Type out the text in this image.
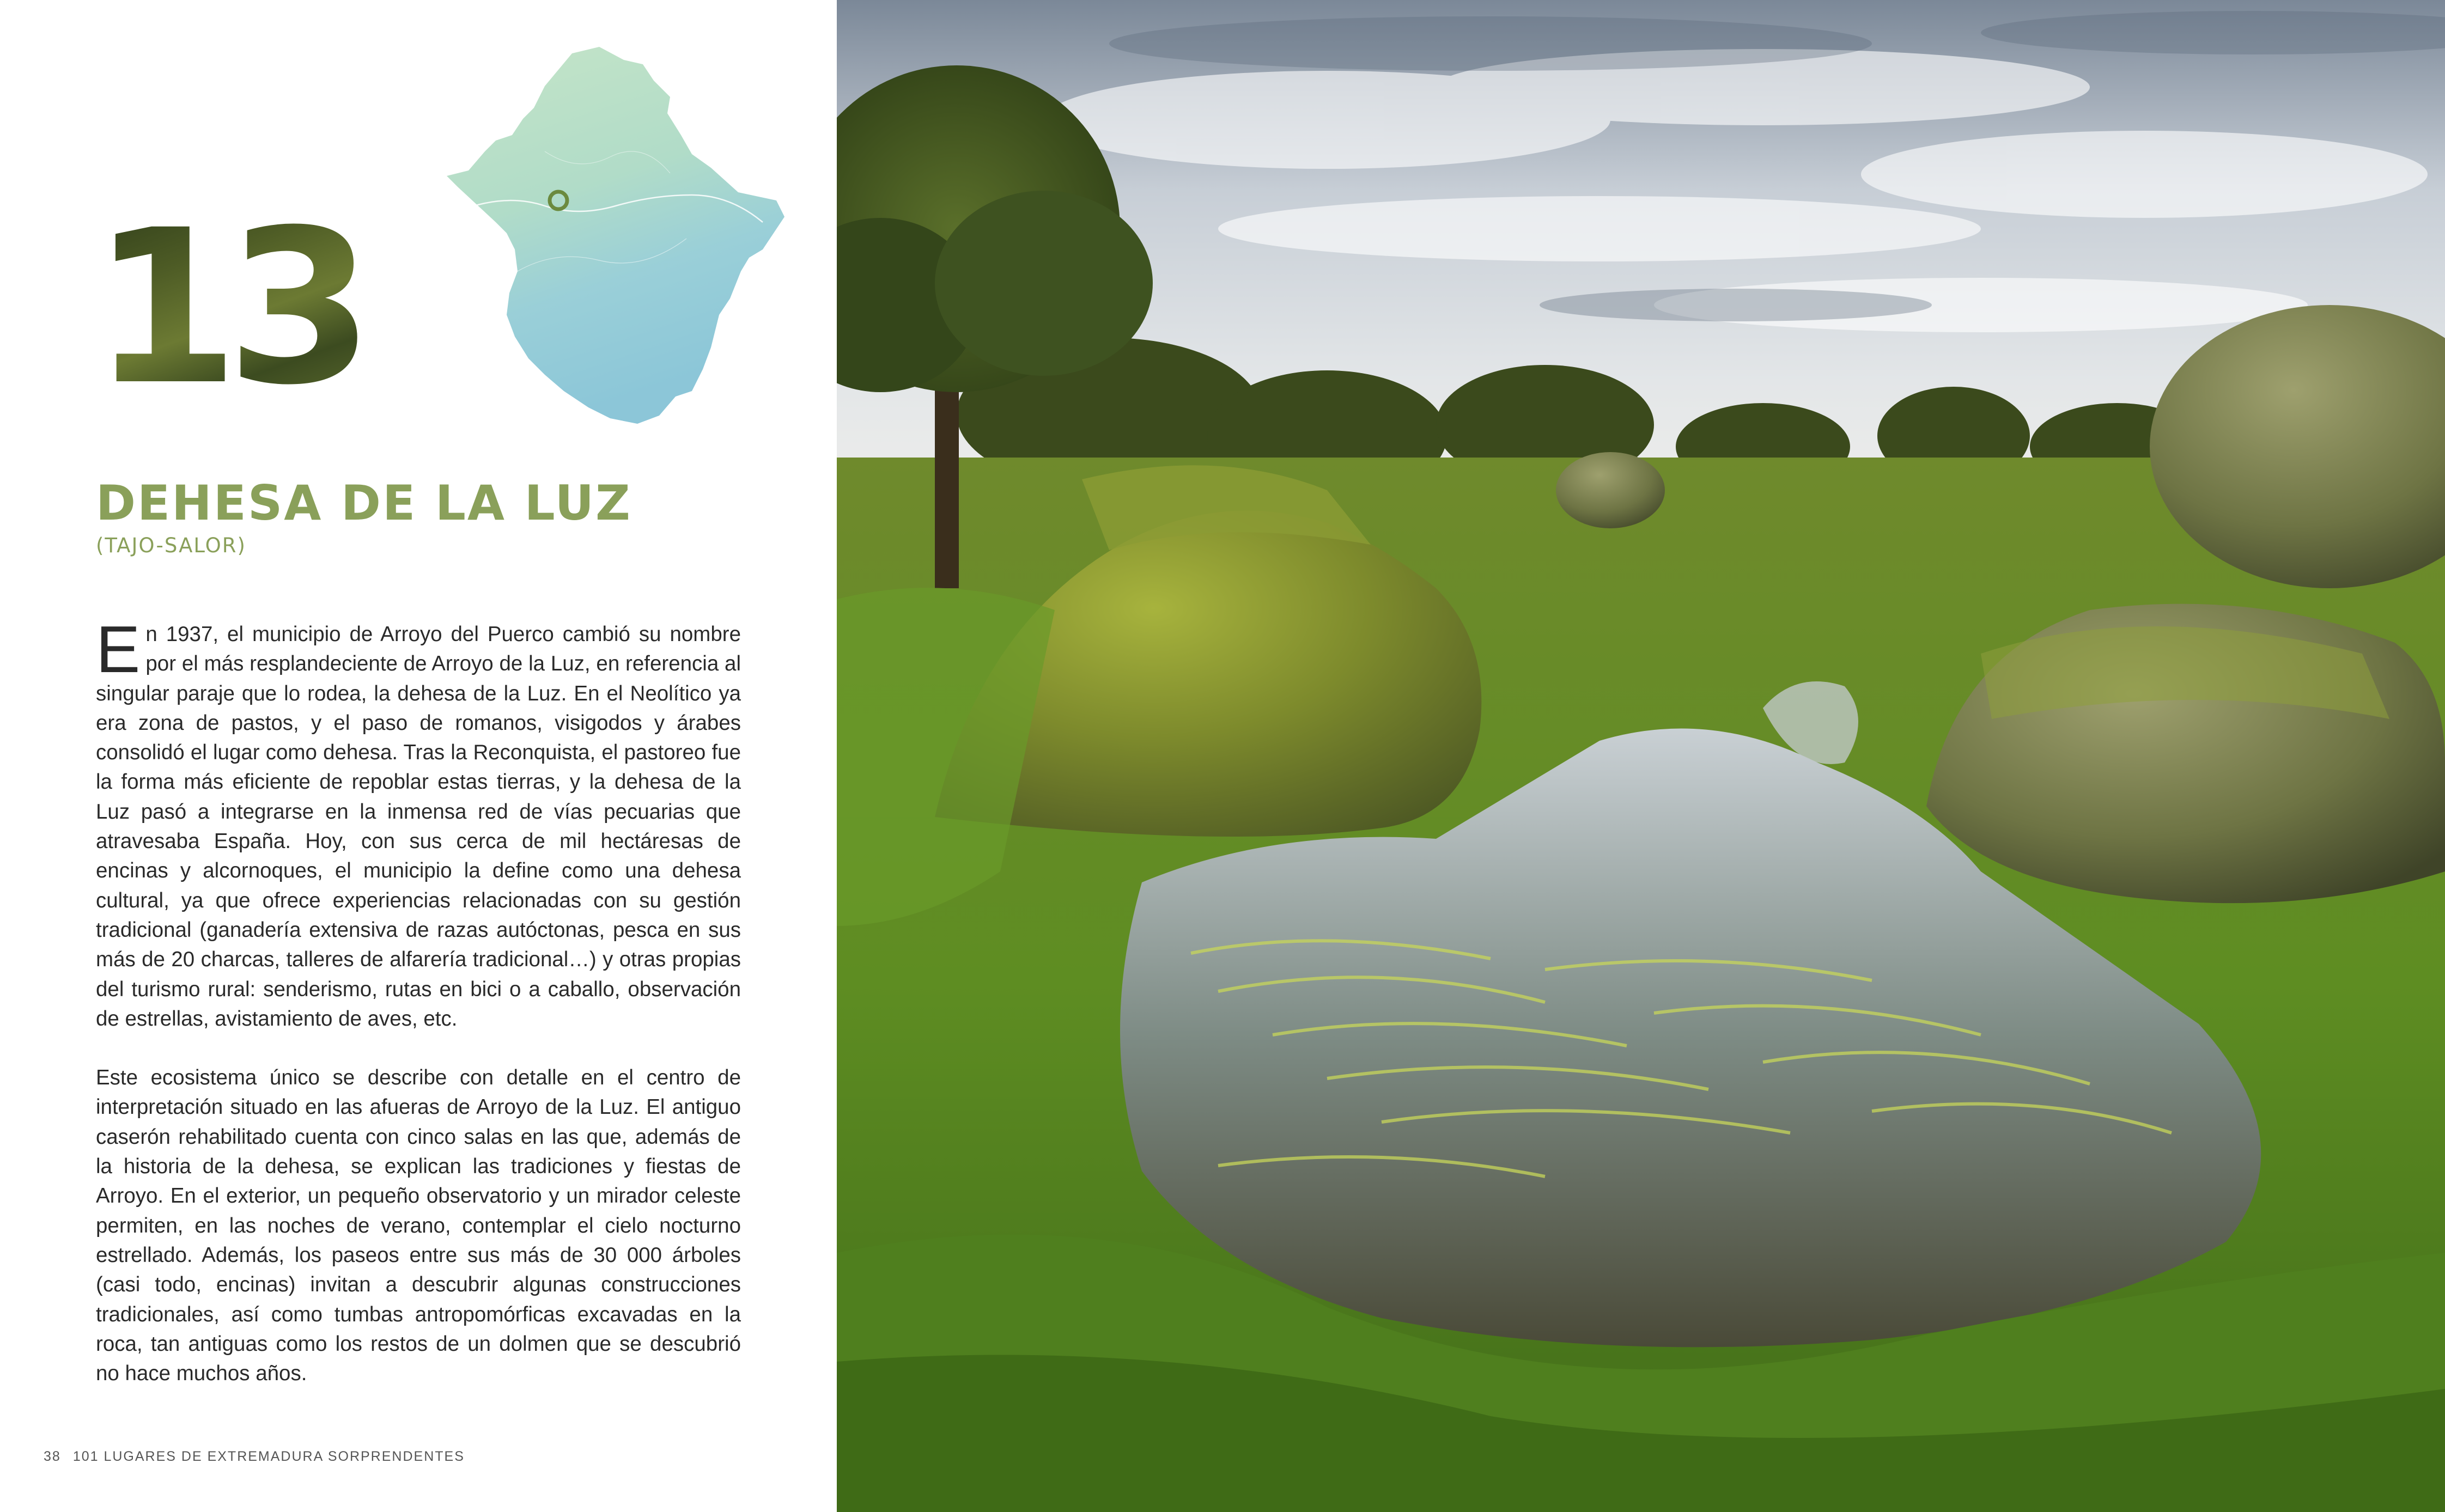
13
DEHESA DE LA LUZ
(TAJO-SALOR)

En 1937, el municipio de Arroyo del Puerco cambió su nombre por el más resplandeciente de Arroyo de la Luz, en referencia al singular paraje que lo rodea, la dehesa de la Luz. En el Neolítico ya era zona de pastos, y el paso de romanos, visigodos y árabes consolidó el lugar como dehesa. Tras la Reconquista, el pastoreo fue la forma más eficiente de repoblar estas tierras, y la dehesa de la Luz pasó a integrarse en la inmensa red de vías pecuarias que atravesaba España. Hoy, con sus cerca de mil hectáresas de encinas y alcornoques, el municipio la define como una dehesa cultural, ya que ofrece experiencias relacionadas con su gestión tradicional (ganadería extensiva de razas autóctonas, pesca en sus más de 20 charcas, talleres de alfarería tradicional…) y otras propias del turismo rural: senderismo, rutas en bici o a caballo, observación de estrellas, avistamiento de aves, etc.

Este ecosistema único se describe con detalle en el centro de interpretación situado en las afueras de Arroyo de la Luz. El antiguo caserón rehabilitado cuenta con cinco salas en las que, además de la historia de la dehesa, se explican las tradiciones y fiestas de Arroyo. En el exterior, un pequeño observatorio y un mirador celeste permiten, en las noches de verano, contemplar el cielo nocturno estrellado. Además, los paseos entre sus más de 30 000 árboles (casi todo, encinas) invitan a descubrir algunas construcciones tradicionales, así como tumbas antropomórficas excavadas en la roca, tan antiguas como los restos de un dolmen que se descubrió no hace muchos años.

38 101 LUGARES DE EXTREMADURA SORPRENDENTES
